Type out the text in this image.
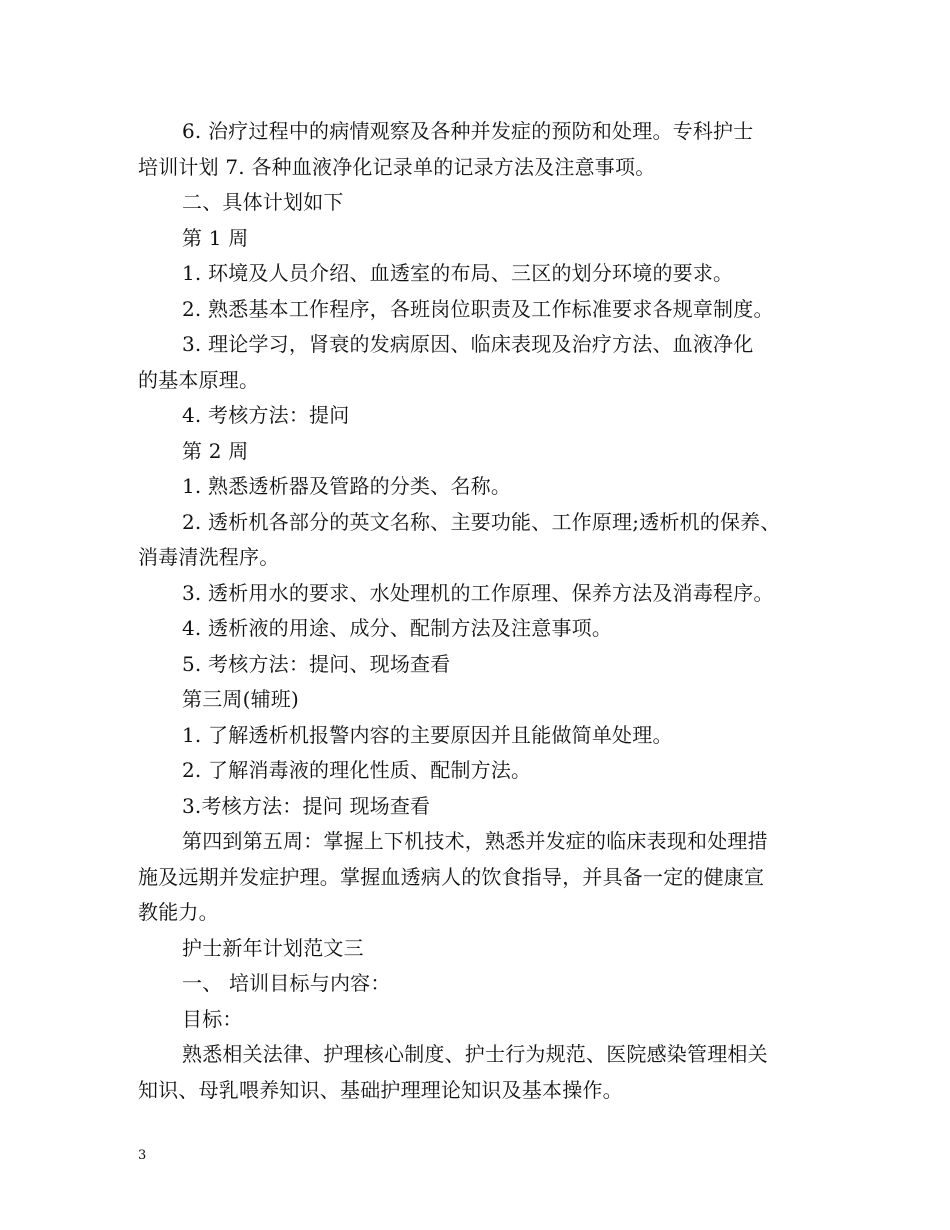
6. 治疗过程中的病情观察及各种并发症的预防和处理。专科护士

培训计划 7. 各种血液净化记录单的记录方法及注意事项。

二、具体计划如下

第 1 周

1. 环境及人员介绍、血透室的布局、三区的划分环境的要求。

2. 熟悉基本工作程序，各班岗位职责及工作标准要求各规章制度。

3. 理论学习，肾衰的发病原因、临床表现及治疗方法、血液净化

的基本原理。

4. 考核方法：提问

第 2 周

1. 熟悉透析器及管路的分类、名称。

2. 透析机各部分的英文名称、主要功能、工作原理;透析机的保养、

消毒清洗程序。

3. 透析用水的要求、水处理机的工作原理、保养方法及消毒程序。

4. 透析液的用途、成分、配制方法及注意事项。

5. 考核方法：提问、现场查看

第三周(辅班)

1. 了解透析机报警内容的主要原因并且能做简单处理。

2. 了解消毒液的理化性质、配制方法。

3.考核方法：提问 现场查看

第四到第五周：掌握上下机技术，熟悉并发症的临床表现和处理措

施及远期并发症护理。掌握血透病人的饮食指导，并具备一定的健康宣

教能力。

护士新年计划范文三

一、 培训目标与内容：

目标：

熟悉相关法律、护理核心制度、护士行为规范、医院感染管理相关

知识、母乳喂养知识、基础护理理论知识及基本操作。

3
